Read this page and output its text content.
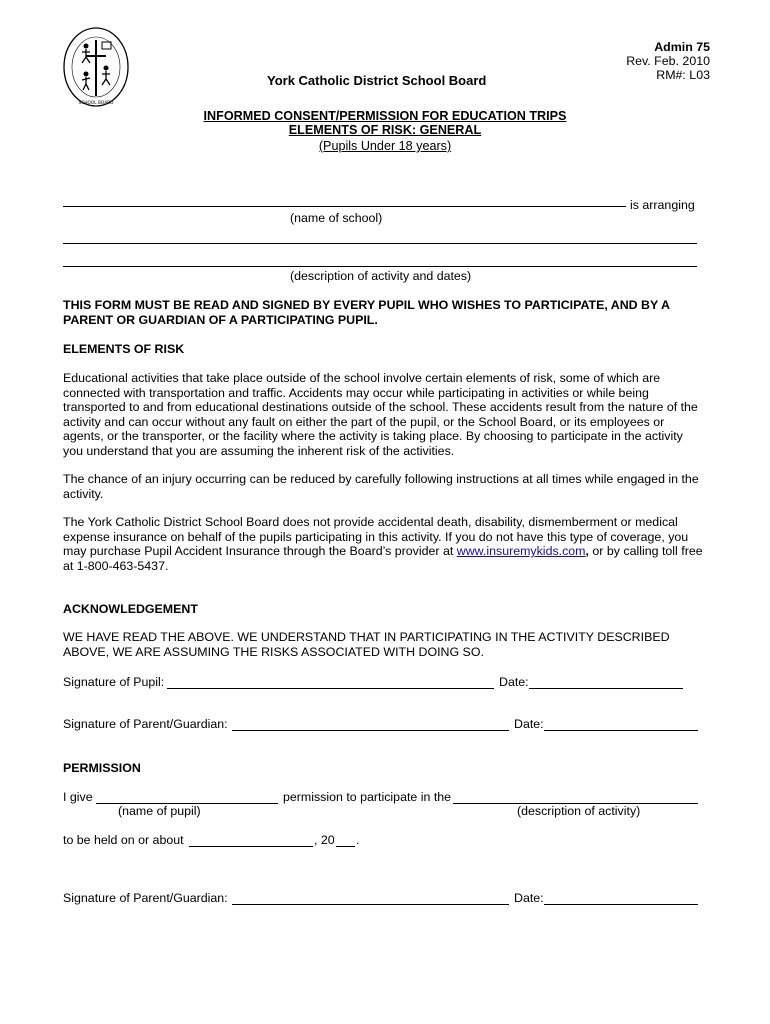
SCHOOL BOARD
Admin 75
Rev. Feb. 2010
RM#: L03
York Catholic District School Board
INFORMED CONSENT/PERMISSION FOR EDUCATION TRIPS
ELEMENTS OF RISK: GENERAL
(Pupils Under 18 years)
is arranging
(name of school)
(description of activity and dates)
THIS FORM MUST BE READ AND SIGNED BY EVERY PUPIL WHO WISHES TO PARTICIPATE, AND BY A PARENT OR GUARDIAN OF A PARTICIPATING PUPIL.
ELEMENTS OF RISK
Educational activities that take place outside of the school involve certain elements of risk, some of which are connected with transportation and traffic. Accidents may occur while participating in activities or while being transported to and from educational destinations outside of the school. These accidents result from the nature of the activity and can occur without any fault on either the part of the pupil, or the School Board, or its employees or agents, or the transporter, or the facility where the activity is taking place. By choosing to participate in the activity you understand that you are assuming the inherent risk of the activities.
The chance of an injury occurring can be reduced by carefully following instructions at all times while engaged in the activity.
The York Catholic District School Board does not provide accidental death, disability, dismemberment or medical expense insurance on behalf of the pupils participating in this activity. If you do not have this type of coverage, you may purchase Pupil Accident Insurance through the Board’s provider at www.insuremykids.com, or by calling toll free at 1-800-463-5437.
ACKNOWLEDGEMENT
WE HAVE READ THE ABOVE. WE UNDERSTAND THAT IN PARTICIPATING IN THE ACTIVITY DESCRIBED ABOVE, WE ARE ASSUMING THE RISKS ASSOCIATED WITH DOING SO.
Signature of Pupil:	Date:
Signature of Parent/Guardian:	Date:
PERMISSION
I give	permission to participate in the
(name of pupil)	(description of activity)
to be held on or about	, 20 .
Signature of Parent/Guardian:	Date:
